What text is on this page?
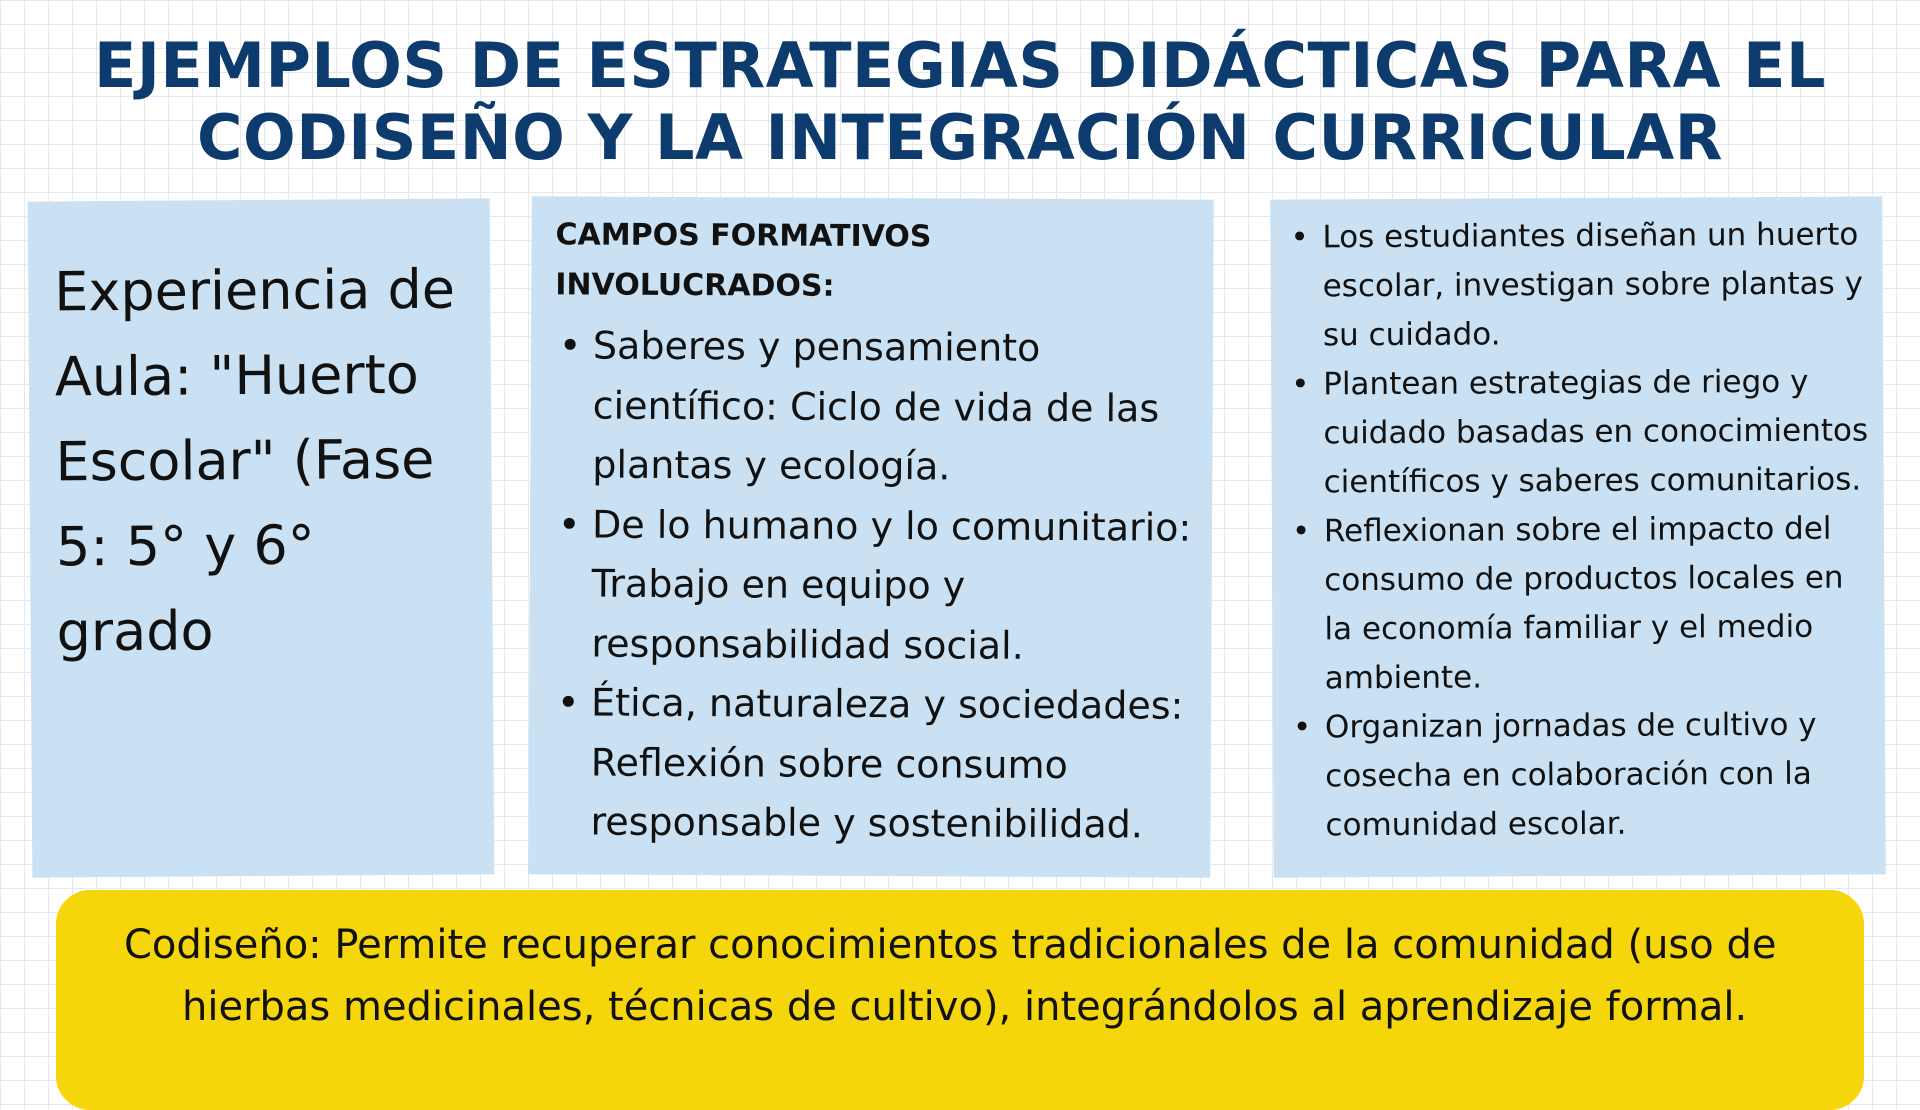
EJEMPLOS DE ESTRATEGIAS DIDÁCTICAS PARA EL
CODISEÑO Y LA INTEGRACIÓN CURRICULAR
Experiencia de Aula: "Huerto Escolar" (Fase 5: 5° y 6° grado
CAMPOS FORMATIVOS INVOLUCRADOS:
• Saberes y pensamiento científico: Ciclo de vida de las plantas y ecología.
• De lo humano y lo comunitario: Trabajo en equipo y responsabilidad social.
• Ética, naturaleza y sociedades: Reflexión sobre consumo responsable y sostenibilidad.
• Los estudiantes diseñan un huerto escolar, investigan sobre plantas y su cuidado.
• Plantean estrategias de riego y cuidado basadas en conocimientos científicos y saberes comunitarios.
• Reflexionan sobre el impacto del consumo de productos locales en la economía familiar y el medio ambiente.
• Organizan jornadas de cultivo y cosecha en colaboración con la comunidad escolar.

Codiseño: Permite recuperar conocimientos tradicionales de la comunidad (uso de hierbas medicinales, técnicas de cultivo), integrándolos al aprendizaje formal.
